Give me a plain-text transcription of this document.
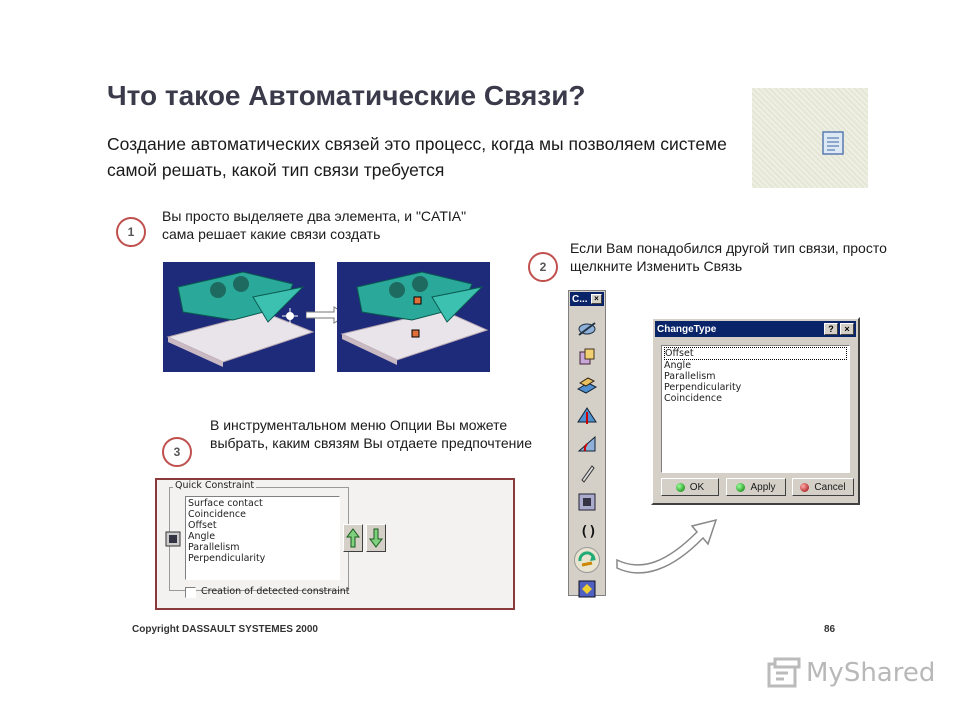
Что такое Автоматические Связи?
Создание автоматических связей это процесс, когда мы позволяем системе самой решать, какой тип связи требуется
1
Вы просто выделяете два элемента, и "CATIA" сама решает какие связи создать
2
Если Вам понадобился другой тип связи, просто щелкните Изменить Связь
3
В инструментальном меню Опции Вы можете выбрать, каким связям Вы отдаете предпочтение
Quick Constraint
Surface contact
Coincidence
Offset
Angle
Parallelism
Perpendicularity
Creation of detected constraint
C... ×
()
ChangeType	?	×
Offset
Angle
Parallelism
Perpendicularity
Coincidence
OK	Apply	Cancel
Copyright DASSAULT SYSTEMES 2000	86
MyShared
